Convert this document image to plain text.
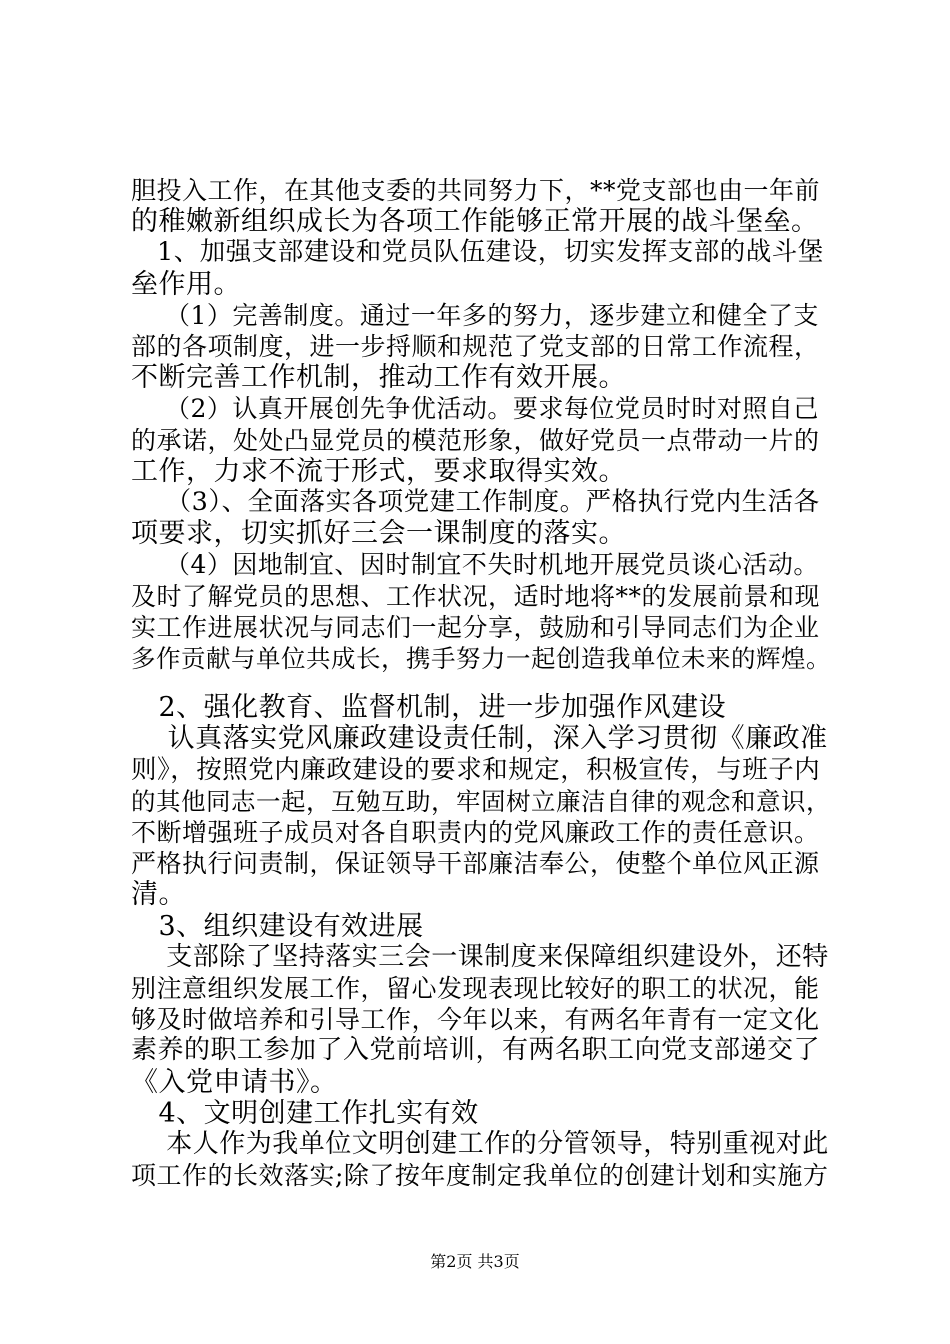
胆投入工作，在其他支委的共同努力下，**党支部也由一年前
的稚嫩新组织成长为各项工作能够正常开展的战斗堡垒。
　1、加强支部建设和党员队伍建设，切实发挥支部的战斗堡
垒作用。
　 （1）完善制度。通过一年多的努力，逐步建立和健全了支
部的各项制度，进一步捋顺和规范了党支部的日常工作流程，
不断完善工作机制，推动工作有效开展。
　 （2）认真开展创先争优活动。要求每位党员时时对照自己
的承诺，处处凸显党员的模范形象，做好党员一点带动一片的
工作，力求不流于形式，要求取得实效。
　 （3）、全面落实各项党建工作制度。严格执行党内生活各
项要求，切实抓好三会一课制度的落实。
　 （4）因地制宜、因时制宜不失时机地开展党员谈心活动。
及时了解党员的思想、工作状况，适时地将**的发展前景和现
实工作进展状况与同志们一起分享，鼓励和引导同志们为企业
多作贡献与单位共成长，携手努力一起创造我单位未来的辉煌。
　2、强化教育、监督机制，进一步加强作风建设
　 认真落实党风廉政建设责任制，深入学习贯彻《廉政准
则》，按照党内廉政建设的要求和规定，积极宣传，与班子内
的其他同志一起，互勉互助，牢固树立廉洁自律的观念和意识，
不断增强班子成员对各自职责内的党风廉政工作的责任意识。
严格执行问责制，保证领导干部廉洁奉公，使整个单位风正源
清。
　3、组织建设有效进展
　 支部除了坚持落实三会一课制度来保障组织建设外，还特
别注意组织发展工作，留心发现表现比较好的职工的状况，能
够及时做培养和引导工作，今年以来，有两名年青有一定文化
素养的职工参加了入党前培训，有两名职工向党支部递交了
《入党申请书》。
　4、文明创建工作扎实有效
　 本人作为我单位文明创建工作的分管领导，特别重视对此
项工作的长效落实;除了按年度制定我单位的创建计划和实施方
第2页 共3页
